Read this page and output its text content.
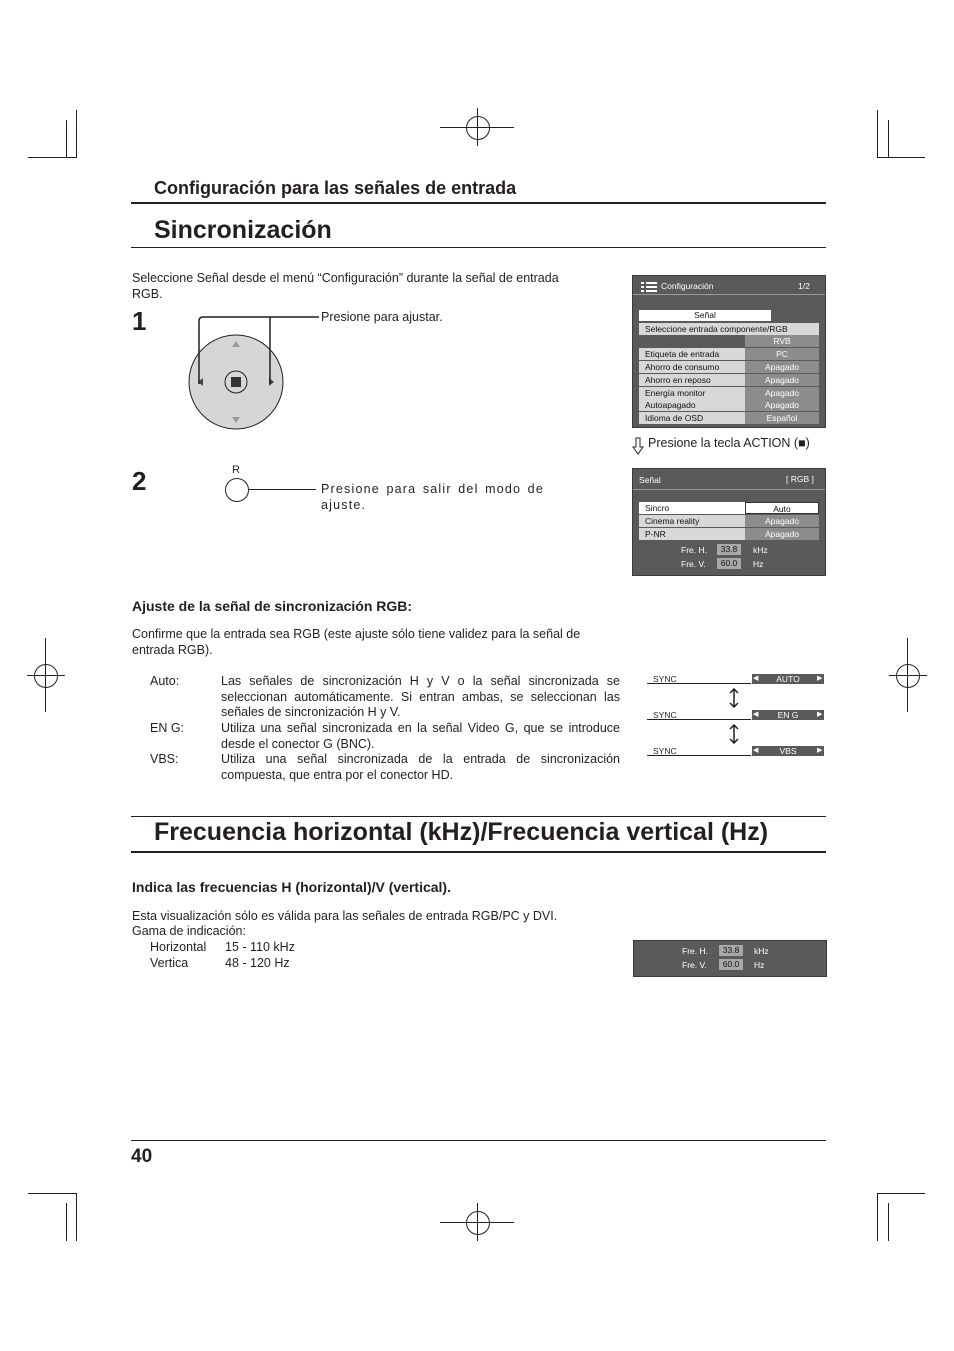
Configuración para las señales de entrada
Sincronización
Seleccione Señal desde el menú “Configuración” durante la señal de entrada RGB.
1	Presione para ajustar.
2	R
Presione para salir del modo de ajuste.
Configuración	1/2
Señal
Seleccione entrada componente/RGB
RVB
Etiqueta de entrada	PC
Ahorro de consumo	Apagado
Ahorro en reposo	Apagado
Energía monitor	Apagado
Autoapagado	Apagado
Idioma de OSD	Español
Presione la tecla ACTION (■)
Señal	[ RGB ]
Sincro	Auto
Cinema reality	Apagado
P-NR	Apagado
Fre. H.	33.8	kHz
Fre. V.	60.0	Hz
Ajuste de la señal de sincronización RGB:
Confirme que la entrada sea RGB (este ajuste sólo tiene validez para la señal de entrada RGB).
Auto:	Las señales de sincronización H y V o la señal sincronizada se seleccionan automáticamente. Si entran ambas, se seleccionan las señales de sincronización H y V.
EN G:	Utiliza una señal sincronizada en la señal Video G, que se introduce desde el conector G (BNC).
VBS:	Utiliza una señal sincronizada de la entrada de sincronización compuesta, que entra por el conector HD.
SYNC	AUTO
◀	▶
SYNC	EN G
◀	▶
SYNC	VBS
◀	▶
Frecuencia horizontal (kHz)/Frecuencia vertical (Hz)
Indica las frecuencias H (horizontal)/V (vertical).
Esta visualización sólo es válida para las señales de entrada RGB/PC y DVI.
Gama de indicación:
Horizontal 15 - 110 kHz
Vertica	48 - 120 Hz
Fre. H.	33.8	kHz
Fre. V.	60.0	Hz
40
